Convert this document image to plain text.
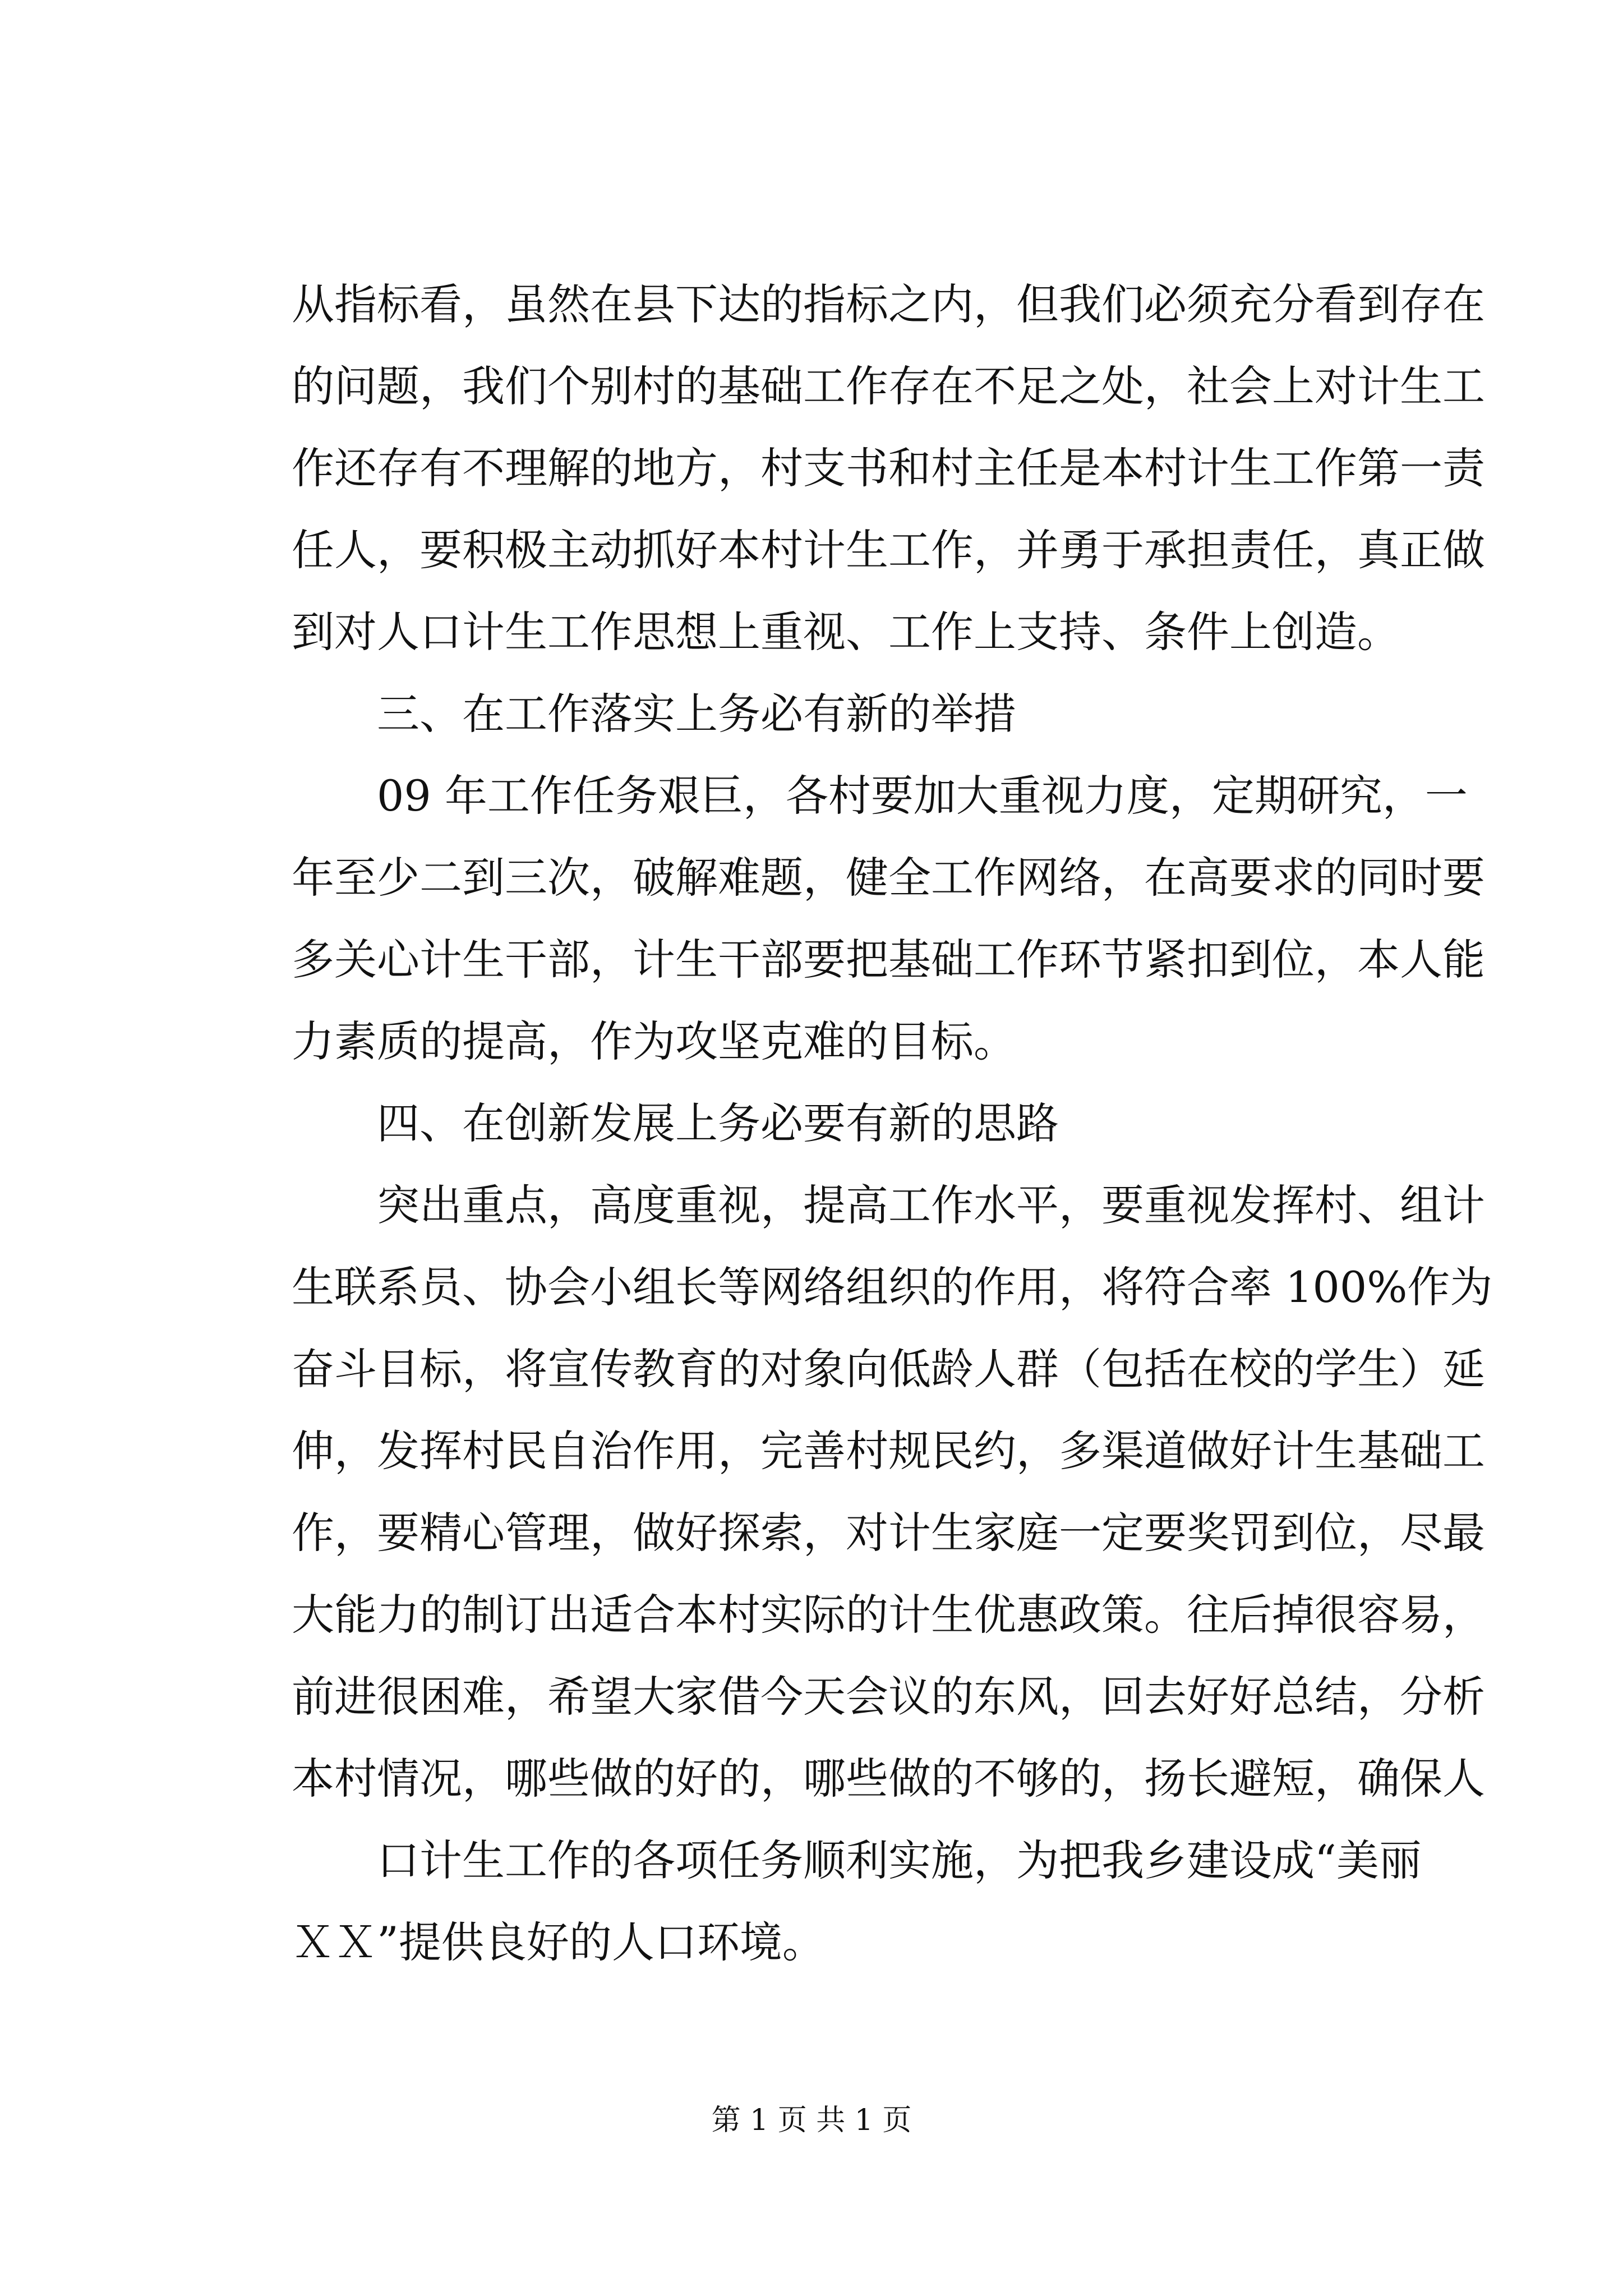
从指标看，虽然在县下达的指标之内，但我们必须充分看到存在
的问题，我们个别村的基础工作存在不足之处，社会上对计生工
作还存有不理解的地方，村支书和村主任是本村计生工作第一责
任人，要积极主动抓好本村计生工作，并勇于承担责任，真正做
到对人口计生工作思想上重视、工作上支持、条件上创造。
三、在工作落实上务必有新的举措
09 年工作任务艰巨，各村要加大重视力度，定期研究，一
年至少二到三次，破解难题，健全工作网络，在高要求的同时要
多关心计生干部，计生干部要把基础工作环节紧扣到位，本人能
力素质的提高，作为攻坚克难的目标。
四、在创新发展上务必要有新的思路
突出重点，高度重视，提高工作水平，要重视发挥村、组计
生联系员、协会小组长等网络组织的作用，将符合率 100%作为
奋斗目标，将宣传教育的对象向低龄人群（包括在校的学生）延
伸，发挥村民自治作用，完善村规民约，多渠道做好计生基础工
作，要精心管理，做好探索，对计生家庭一定要奖罚到位，尽最
大能力的制订出适合本村实际的计生优惠政策。往后掉很容易，
前进很困难，希望大家借今天会议的东风，回去好好总结，分析
本村情况，哪些做的好的，哪些做的不够的，扬长避短，确保人
口计生工作的各项任务顺利实施，为把我乡建设成“美丽
ＸＸ”提供良好的人口环境。
第 1 页 共 1 页
